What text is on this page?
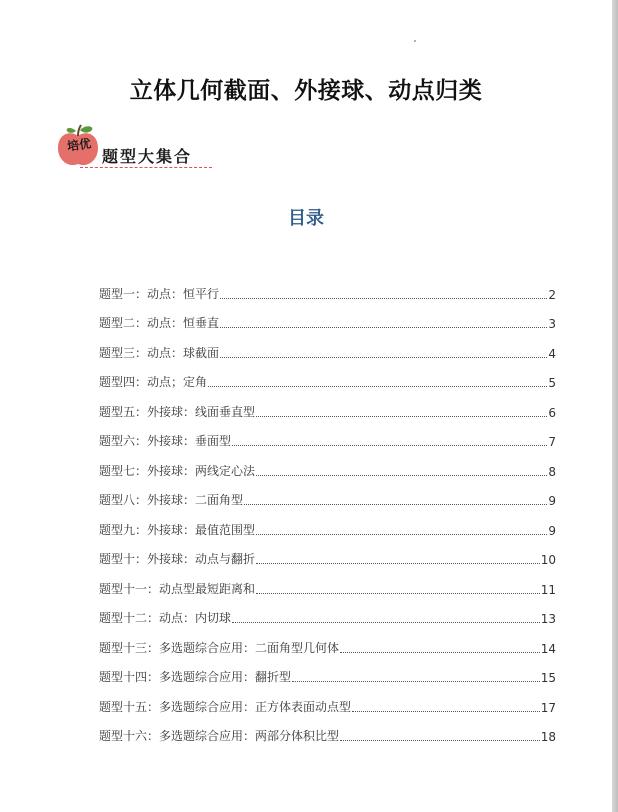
立体几何截面、外接球、动点归类
培优
题型大集合
目录
题型一：动点：恒平行	2
题型二：动点：恒垂直	3
题型三：动点：球截面	4
题型四：动点；定角	5
题型五：外接球：线面垂直型	6
题型六：外接球：垂面型	7
题型七：外接球：两线定心法	8
题型八：外接球：二面角型	9
题型九：外接球：最值范围型	9
题型十：外接球：动点与翻折	10
题型十一：动点型最短距离和	11
题型十二：动点：内切球	13
题型十三：多选题综合应用：二面角型几何体	14
题型十四：多选题综合应用：翻折型	15
题型十五：多选题综合应用：正方体表面动点型	17
题型十六：多选题综合应用：两部分体积比型	18
